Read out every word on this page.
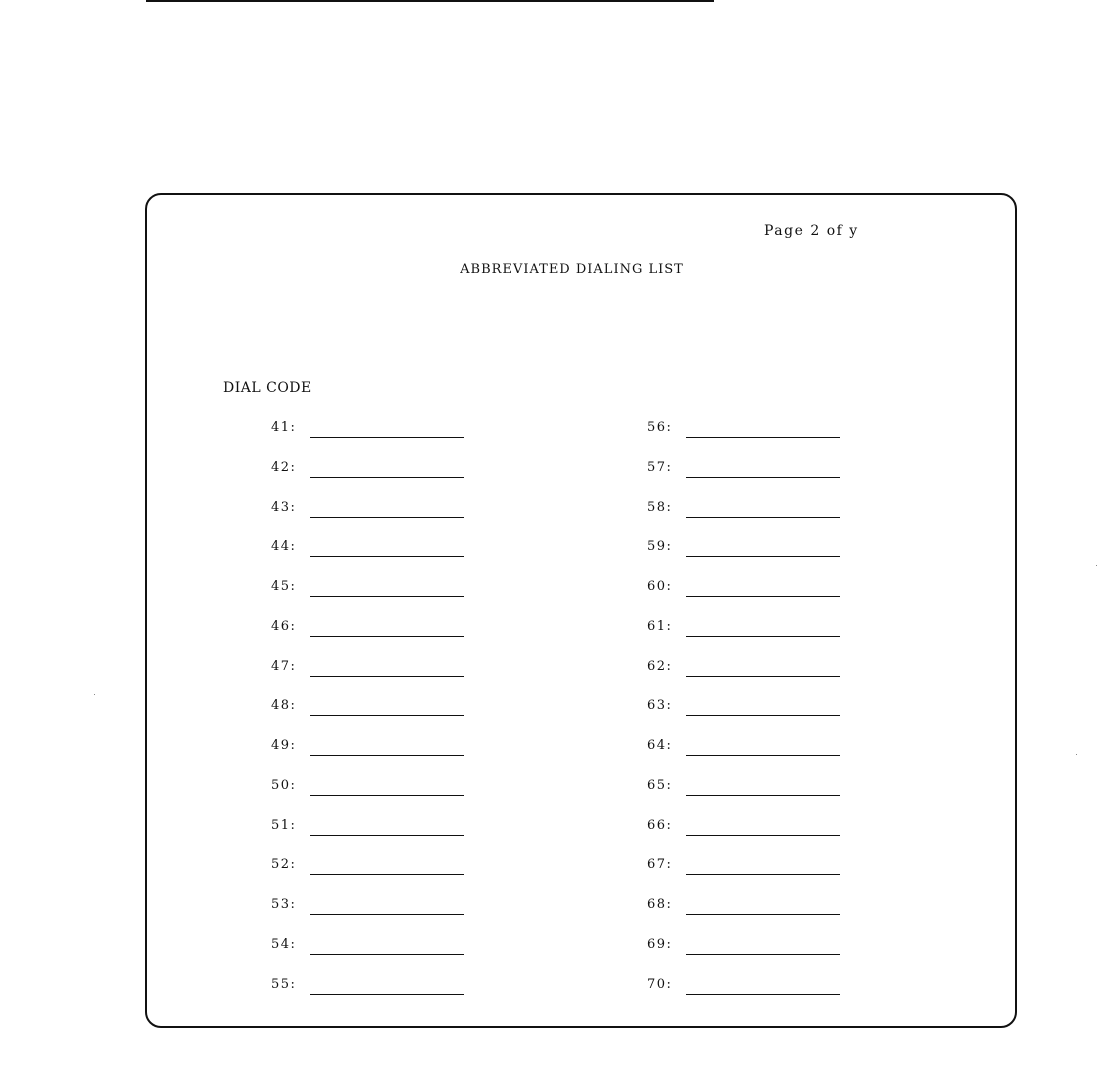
Page 2 of y
ABBREVIATED DIALING LIST
DIAL CODE
41:
42:
43:
44:
45:
46:
47:
48:
49:
50:
51:
52:
53:
54:
55:
56:
57:
58:
59:
60:
61:
62:
63:
64:
65:
66:
67:
68:
69:
70:
